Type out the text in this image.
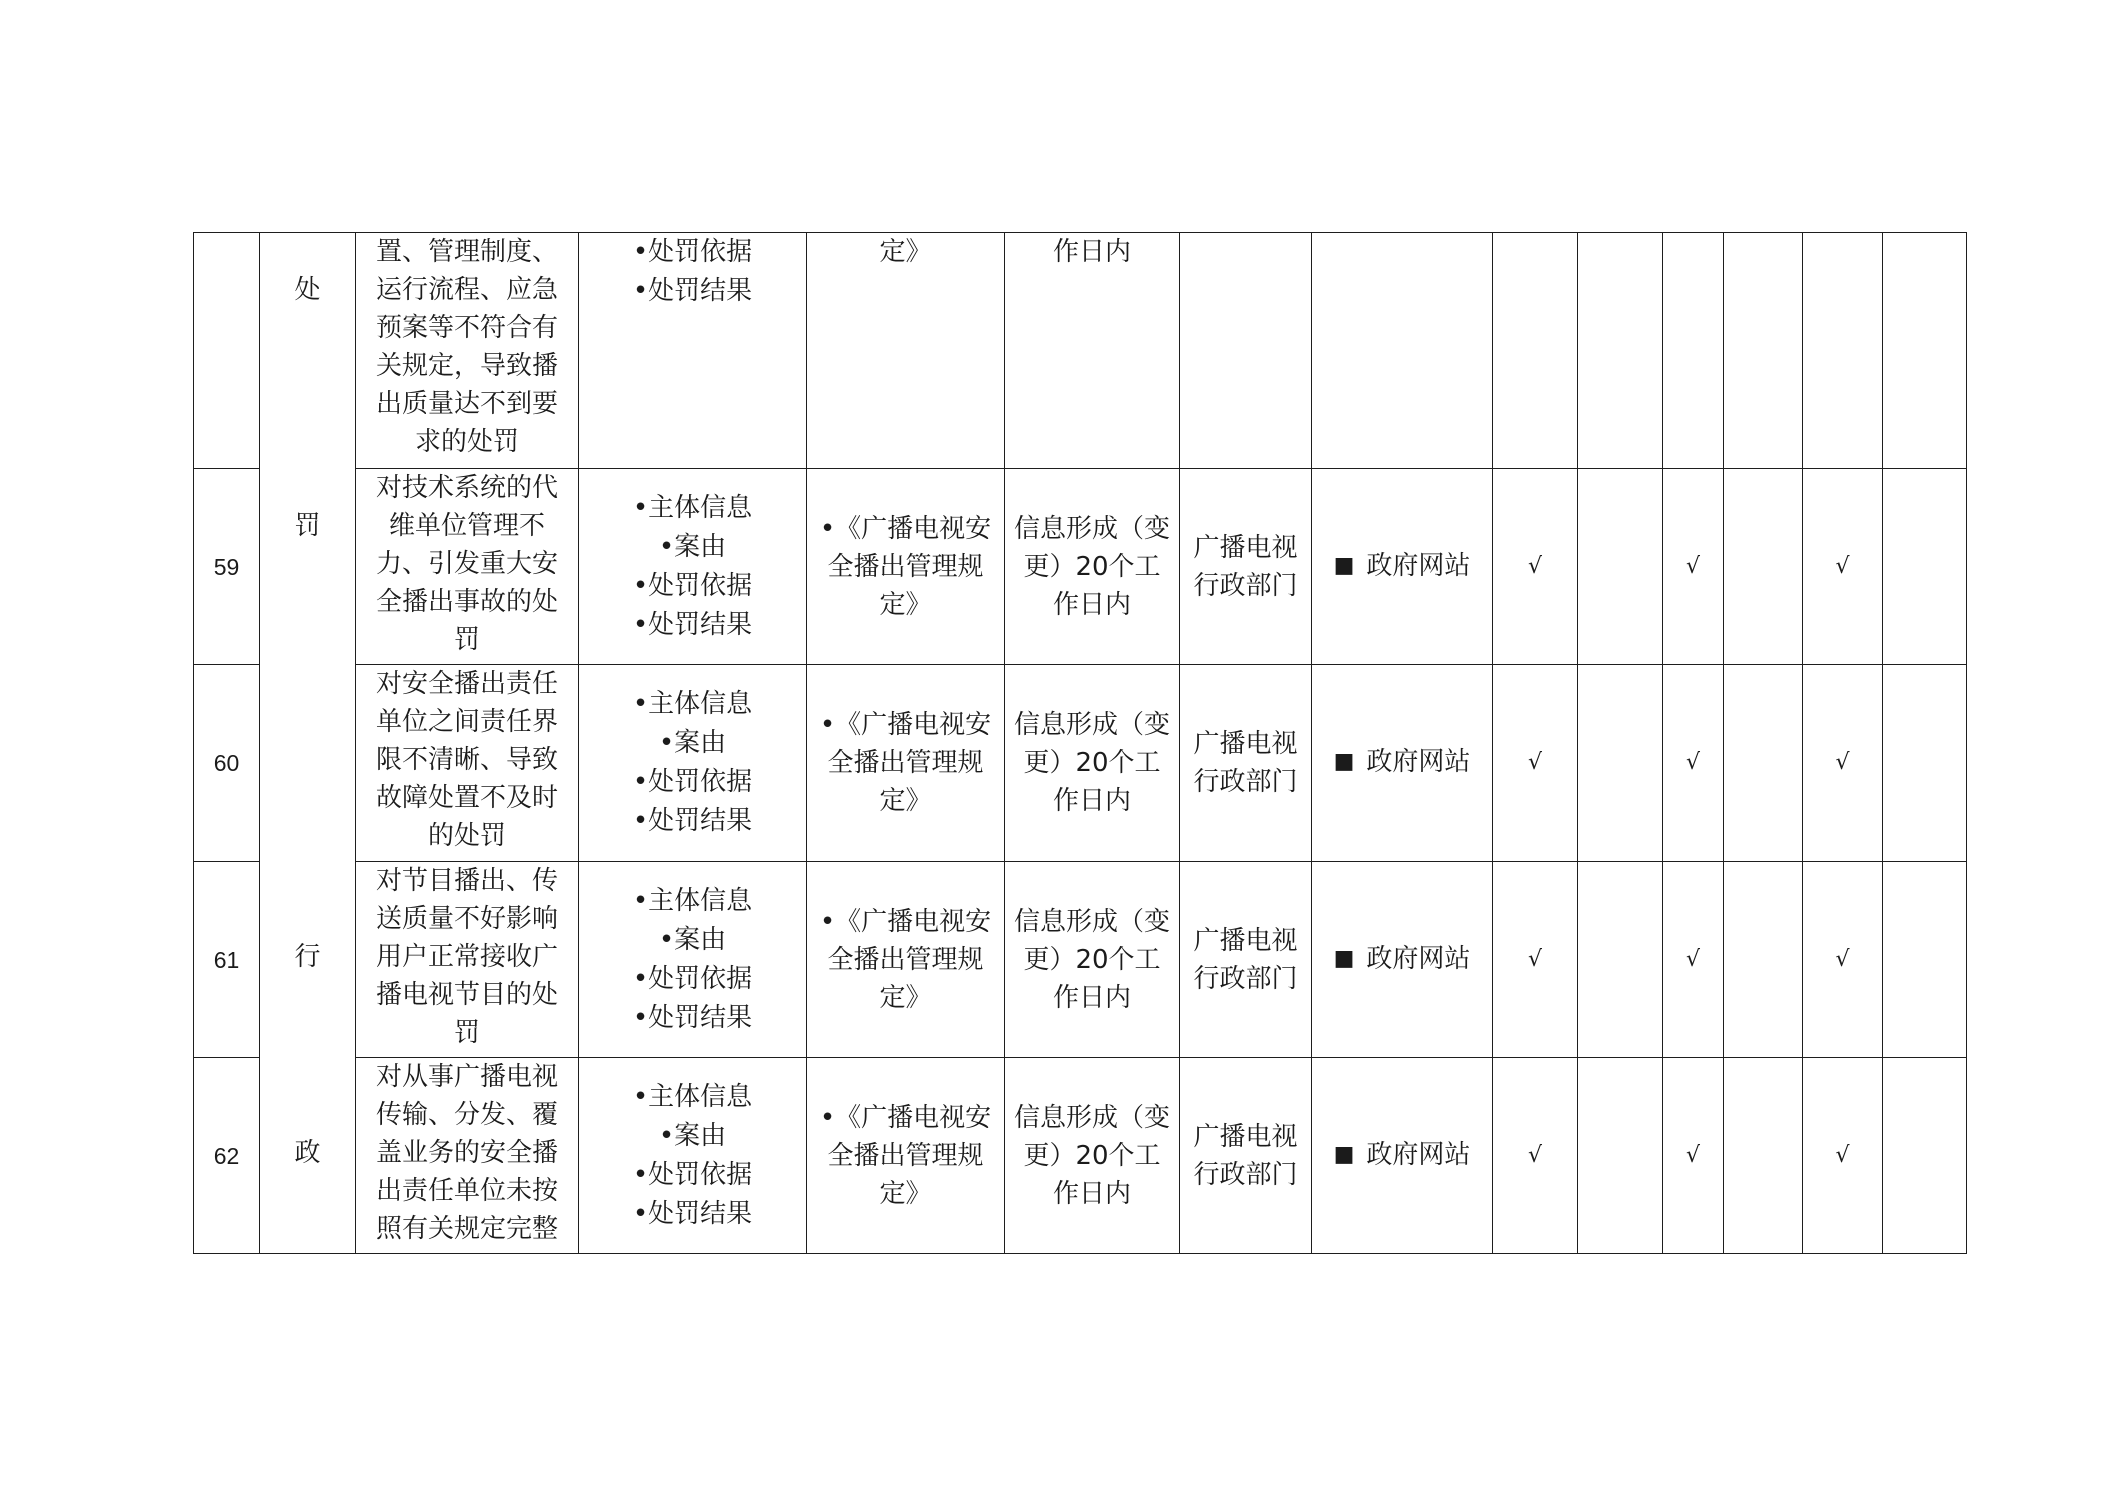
	处
罚
行
政	置、管理制度、运行流程、应急预案等不符合有关规定，导致播出质量达不到要求的处罚	•处罚依据
•处罚结果	定》	作日内								
59		对技术系统的代维单位管理不力、引发重大安全播出事故的处罚	•主体信息
•案由
•处罚依据
•处罚结果	•《广播电视安全播出管理规定》	信息形成（变更）20个工作日内	广播电视行政部门	■ 政府网站	√		√		√	
60		对安全播出责任单位之间责任界限不清晰、导致故障处置不及时的处罚	•主体信息
•案由
•处罚依据
•处罚结果	•《广播电视安全播出管理规定》	信息形成（变更）20个工作日内	广播电视行政部门	■ 政府网站	√		√		√	
61		对节目播出、传送质量不好影响用户正常接收广播电视节目的处罚	•主体信息
•案由
•处罚依据
•处罚结果	•《广播电视安全播出管理规定》	信息形成（变更）20个工作日内	广播电视行政部门	■ 政府网站	√		√		√	
62		对从事广播电视传输、分发、覆盖业务的安全播出责任单位未按照有关规定完整	•主体信息
•案由
•处罚依据
•处罚结果	•《广播电视安全播出管理规定》	信息形成（变更）20个工作日内	广播电视行政部门	■ 政府网站	√		√		√	
